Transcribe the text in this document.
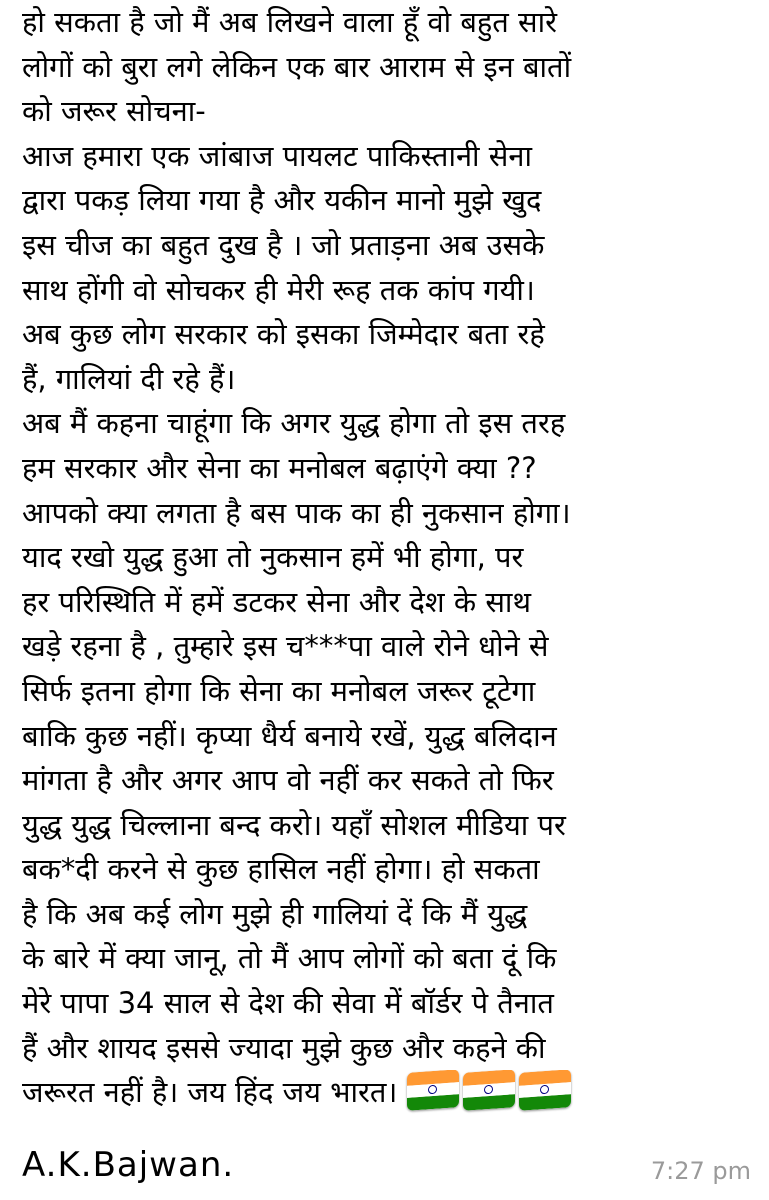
हो सकता है जो मैं अब लिखने वाला हूँ वो बहुत सारे
लोगों को बुरा लगे लेकिन एक बार आराम से इन बातों
को जरूर सोचना-
आज हमारा एक जांबाज पायलट पाकिस्तानी सेना
द्वारा पकड़ लिया गया है और यकीन मानो मुझे खुद
इस चीज का बहुत दुख है । जो प्रताड़ना अब उसके
साथ होंगी वो सोचकर ही मेरी रूह तक कांप गयी।
अब कुछ लोग सरकार को इसका जिम्मेदार बता रहे
हैं, गालियां दी रहे हैं।
अब मैं कहना चाहूंगा कि अगर युद्ध होगा तो इस तरह
हम सरकार और सेना का मनोबल बढ़ाएंगे क्या ??
आपको क्या लगता है बस पाक का ही नुकसान होगा।
याद रखो युद्ध हुआ तो नुकसान हमें भी होगा, पर
हर परिस्थिति में हमें डटकर सेना और देश के साथ
खड़े रहना है , तुम्हारे इस च***पा वाले रोने धोने से
सिर्फ इतना होगा कि सेना का मनोबल जरूर टूटेगा
बाकि कुछ नहीं। कृप्या धैर्य बनाये रखें, युद्ध बलिदान
मांगता है और अगर आप वो नहीं कर सकते तो फिर
युद्ध युद्ध चिल्लाना बन्द करो। यहाँ सोशल मीडिया पर
बक*दी करने से कुछ हासिल नहीं होगा। हो सकता
है कि अब कई लोग मुझे ही गालियां दें कि मैं युद्ध
के बारे में क्या जानू, तो मैं आप लोगों को बता दूं कि
मेरे पापा 34 साल से देश की सेवा में बॉर्डर पे तैनात
हैं और शायद इससे ज्यादा मुझे कुछ और कहने की
जरूरत नहीं है। जय हिंद जय भारत।
A.K.Bajwan.	7:27 pm
